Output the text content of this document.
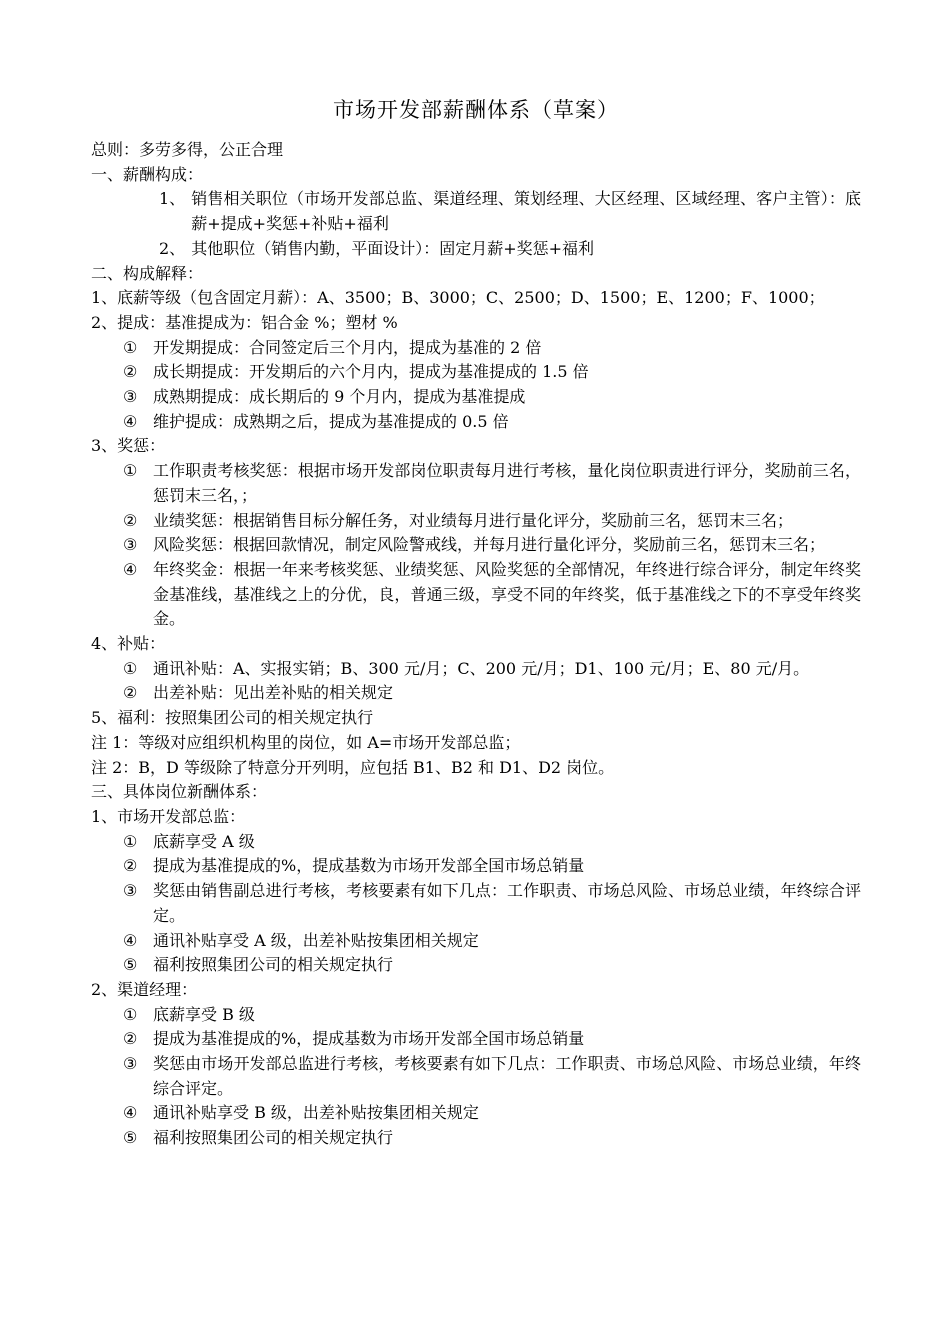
市场开发部薪酬体系（草案）
总则：多劳多得，公正合理
一、薪酬构成：
1、 销售相关职位（市场开发部总监、渠道经理、策划经理、大区经理、区域经理、客户主管）：底薪+提成+奖惩+补贴+福利
2、 其他职位（销售内勤，平面设计）：固定月薪+奖惩+福利
二、构成解释：
1、底薪等级（包含固定月薪）：A、3500；B、3000；C、2500；D、1500；E、1200；F、1000；
2、提成：基准提成为：铝合金 %；塑材 %
① 开发期提成：合同签定后三个月内，提成为基准的 2 倍
② 成长期提成：开发期后的六个月内，提成为基准提成的 1.5 倍
③ 成熟期提成：成长期后的 9 个月内，提成为基准提成
④ 维护提成：成熟期之后，提成为基准提成的 0.5 倍
3、奖惩：
① 工作职责考核奖惩：根据市场开发部岗位职责每月进行考核，量化岗位职责进行评分，奖励前三名，惩罚末三名，；
② 业绩奖惩：根据销售目标分解任务，对业绩每月进行量化评分，奖励前三名，惩罚末三名；
③ 风险奖惩：根据回款情况，制定风险警戒线，并每月进行量化评分，奖励前三名，惩罚末三名；
④ 年终奖金：根据一年来考核奖惩、业绩奖惩、风险奖惩的全部情况，年终进行综合评分，制定年终奖金基准线，基准线之上的分优，良，普通三级，享受不同的年终奖，低于基准线之下的不享受年终奖金。
4、补贴：
① 通讯补贴：A、实报实销；B、300 元/月；C、200 元/月；D1、100 元/月；E、80 元/月。
② 出差补贴：见出差补贴的相关规定
5、福利：按照集团公司的相关规定执行
注 1：等级对应组织机构里的岗位，如 A=市场开发部总监；
注 2：B，D 等级除了特意分开列明，应包括 B1、B2 和 D1、D2 岗位。
三、具体岗位新酬体系：
1、市场开发部总监：
① 底薪享受 A 级
② 提成为基准提成的%，提成基数为市场开发部全国市场总销量
③ 奖惩由销售副总进行考核，考核要素有如下几点：工作职责、市场总风险、市场总业绩，年终综合评定。
④ 通讯补贴享受 A 级，出差补贴按集团相关规定
⑤ 福利按照集团公司的相关规定执行
2、渠道经理：
① 底薪享受 B 级
② 提成为基准提成的%，提成基数为市场开发部全国市场总销量
③ 奖惩由市场开发部总监进行考核，考核要素有如下几点：工作职责、市场总风险、市场总业绩，年终综合评定。
④ 通讯补贴享受 B 级，出差补贴按集团相关规定
⑤ 福利按照集团公司的相关规定执行
